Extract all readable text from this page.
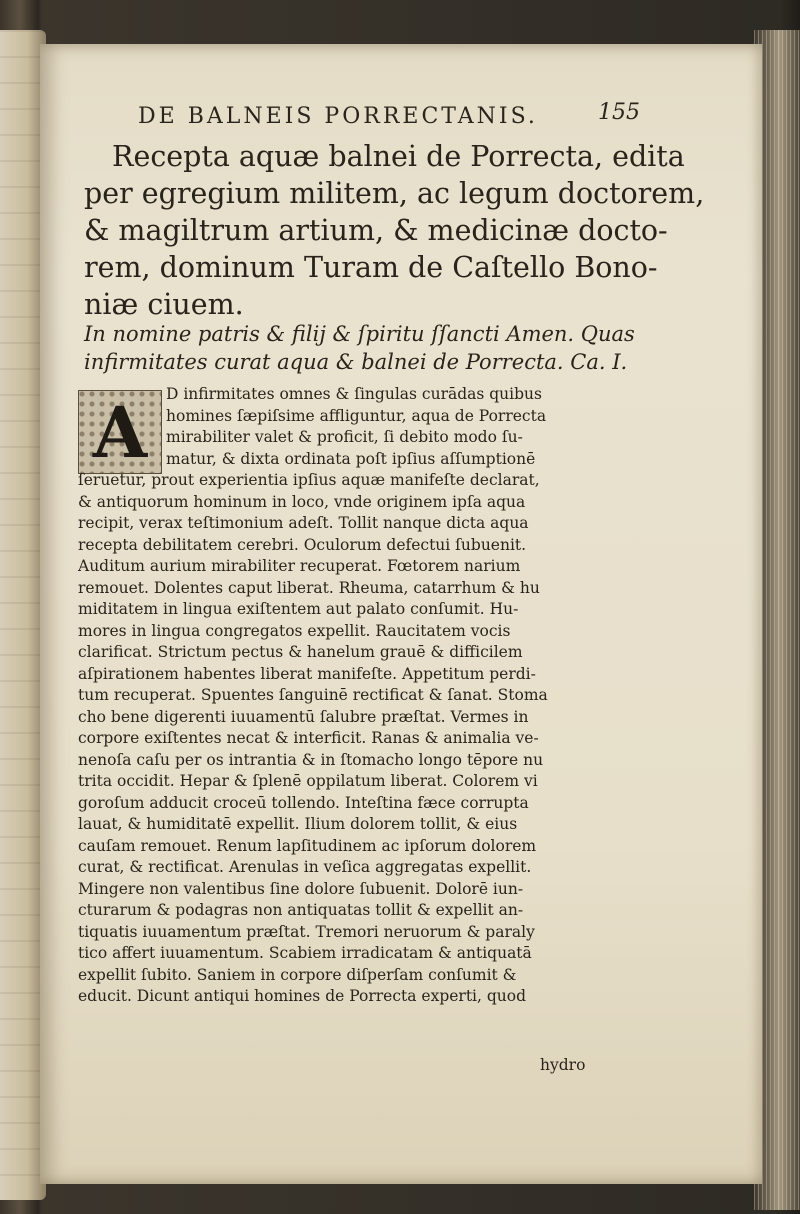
DE BALNEIS PORRECTANIS.	155
Recepta aquæ balnei de Porrecta, edita
per egregium militem, ac legum doctorem,
& magiltrum artium, & medicinæ docto-
rem, dominum Turam de Caſtello Bono-
niæ ciuem.
In nomine patris & filij & ſpiritu ſſancti Amen. Quas
infirmitates curat aqua & balnei de Porrecta. Ca. I.
A	D infirmitates omnes & ſingulas curādas quibus
homines ſæpiſsime affliguntur, aqua de Porrecta
mirabiliter valet & proficit, ſi debito modo ſu-
matur, & dixta ordinata poſt ipſius aſſumptionē
ſeruetur, prout experientia ipſius aquæ manifeſte declarat,
& antiquorum hominum in loco, vnde originem ipſa aqua
recipit, verax teſtimonium adeſt. Tollit nanque dicta aqua
recepta debilitatem cerebri. Oculorum defectui ſubuenit.
Auditum aurium mirabiliter recuperat. Fœtorem narium
remouet. Dolentes caput liberat. Rheuma, catarrhum & hu
miditatem in lingua exiſtentem aut palato conſumit. Hu-
mores in lingua congregatos expellit. Raucitatem vocis
clarificat. Strictum pectus & hanelum grauē & difficilem
aſpirationem habentes liberat manifeſte. Appetitum perdi-
tum recuperat. Spuentes ſanguinē rectificat & ſanat. Stoma
cho bene digerenti iuuamentū ſalubre præſtat. Vermes in
corpore exiſtentes necat & interficit. Ranas & animalia ve-
nenoſa caſu per os intrantia & in ſtomacho longo tēpore nu
trita occidit. Hepar & ſplenē oppilatum liberat. Colorem vi
goroſum adducit croceū tollendo. Inteſtina fæce corrupta
lauat, & humiditatē expellit. Ilium dolorem tollit, & eius
cauſam remouet. Renum lapſitudinem ac ipſorum dolorem
curat, & rectificat. Arenulas in veſica aggregatas expellit.
Mingere non valentibus ſine dolore ſubuenit. Dolorē iun-
cturarum & podagras non antiquatas tollit & expellit an-
tiquatis iuuamentum præſtat. Tremori neruorum & paraly
tico affert iuuamentum. Scabiem irradicatam & antiquatā
expellit ſubito. Saniem in corpore diſperſam conſumit &
educit. Dicunt antiqui homines de Porrecta experti, quod
hydro
